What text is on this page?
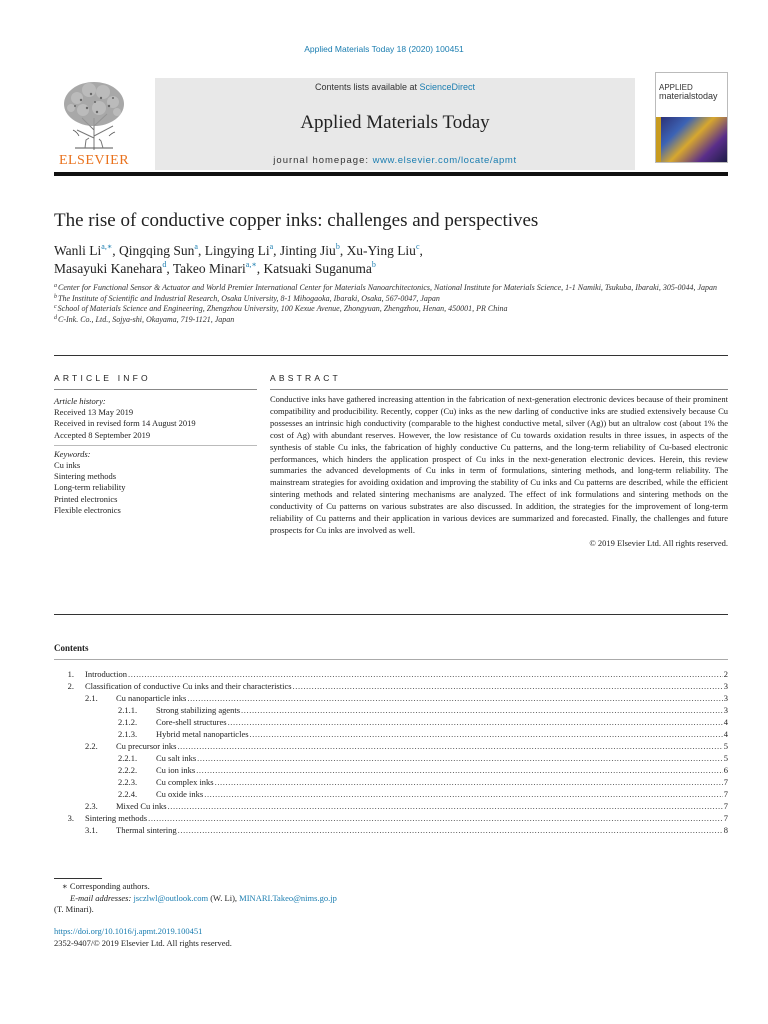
Applied Materials Today 18 (2020) 100451
ELSEVIER
Contents lists available at ScienceDirect
Applied Materials Today
journal homepage: www.elsevier.com/locate/apmt
APPLIED
materialstoday
The rise of conductive copper inks: challenges and perspectives
Wanli $Li^{a,∗}$, Qingqing Sun$^a$, Lingying Li$^a$, Jinting Jiu$^b$, Xu-Ying Liu$^c$,
Masayuki Kanehara$^d$, Takeo Minari$^{a,∗}$, Katsuaki Suganuma$^b$
$^a$Center for Functional Sensor & Actuator and World Premier International Center for Materials Nanoarchitectonics, National Institute for Materials Science, 1-1 Namiki, Tsukuba, Ibaraki, 305-0044, Japan
$^b$The Institute of Scientific and Industrial Research, Osaka University, 8-1 Mihogaoka, Ibaraki, Osaka, 567-0047, Japan
$^c$School of Materials Science and Engineering, Zhengzhou University, 100 Kexue Avenue, Zhongyuan, Zhengzhou, Henan, 450001, PR China
$^d$C-Ink. Co., Ltd., Sojya-shi, Okayama, 719-1121, Japan
ARTICLE INFO	ABSTRACT
Article history:
Received 13 May 2019
Received in revised form 14 August 2019
Accepted 8 September 2019
Keywords:
Cu inks
Sintering methods
Long-term reliability
Printed electronics
Flexible electronics

Conductive inks have gathered increasing attention in the fabrication of next-generation electronic devices because of their prominent compatibility and producibility. Recently, copper (Cu) inks as the new darling of conductive inks are studied extensively because Cu possesses an intrinsic high conductivity (comparable to the highest conductive metal, silver (Ag)) but an ultralow cost (about 1% the cost of Ag) with abundant reserves. However, the low resistance of Cu towards oxidation results in three issues, in aspects of the synthesis of stable Cu inks, the fabrication of highly conductive Cu patterns, and the long-term reliability of Cu-based electronic performances, which hinders the application prospect of Cu inks in the next-generation electronic devices. Herein, this review summaries the advanced developments of Cu inks in term of formulations, sintering methods, and long-term reliability. The mainstream strategies for avoiding oxidation and improving the stability of Cu inks and Cu patterns are described, while the efficient sintering methods and related sintering mechanisms are analyzed. The effect of ink formulations and sintering methods on the conductivity of Cu patterns on various substrates are also discussed. In addition, the strategies for the improvement of long-term reliability of Cu patterns and their application in various devices are summarized and forecasted. Finally, the challenges and future prospects for Cu inks are involved as well.

© 2019 Elsevier Ltd. All rights reserved.

Contents
1. Introduction .....	2
2. Classification of conductive Cu inks and their characteristics .....	3
2.1.	Cu nanoparticle inks .....	3
2.1.1.	Strong stabilizing agents .....	3
2.1.2.	Core-shell structures .....	4
2.1.3.	Hybrid metal nanoparticles .....	4
2.2.	Cu precursor inks .....	5
2.2.1.	Cu salt inks .....	5
2.2.2.	Cu ion inks .....	6
2.2.3.	Cu complex inks .....	7
2.2.4.	Cu oxide inks .....	7
2.3.	Mixed Cu inks .....	7
3. Sintering methods .....	7
3.1.	Thermal sintering .....	8
∗ Corresponding authors.
E-mail addresses: jsczlwl@outlook.com (W. Li), MINARI.Takeo@nims.go.jp
(T. Minari).
https://doi.org/10.1016/j.apmt.2019.100451
2352-9407/© 2019 Elsevier Ltd. All rights reserved.
